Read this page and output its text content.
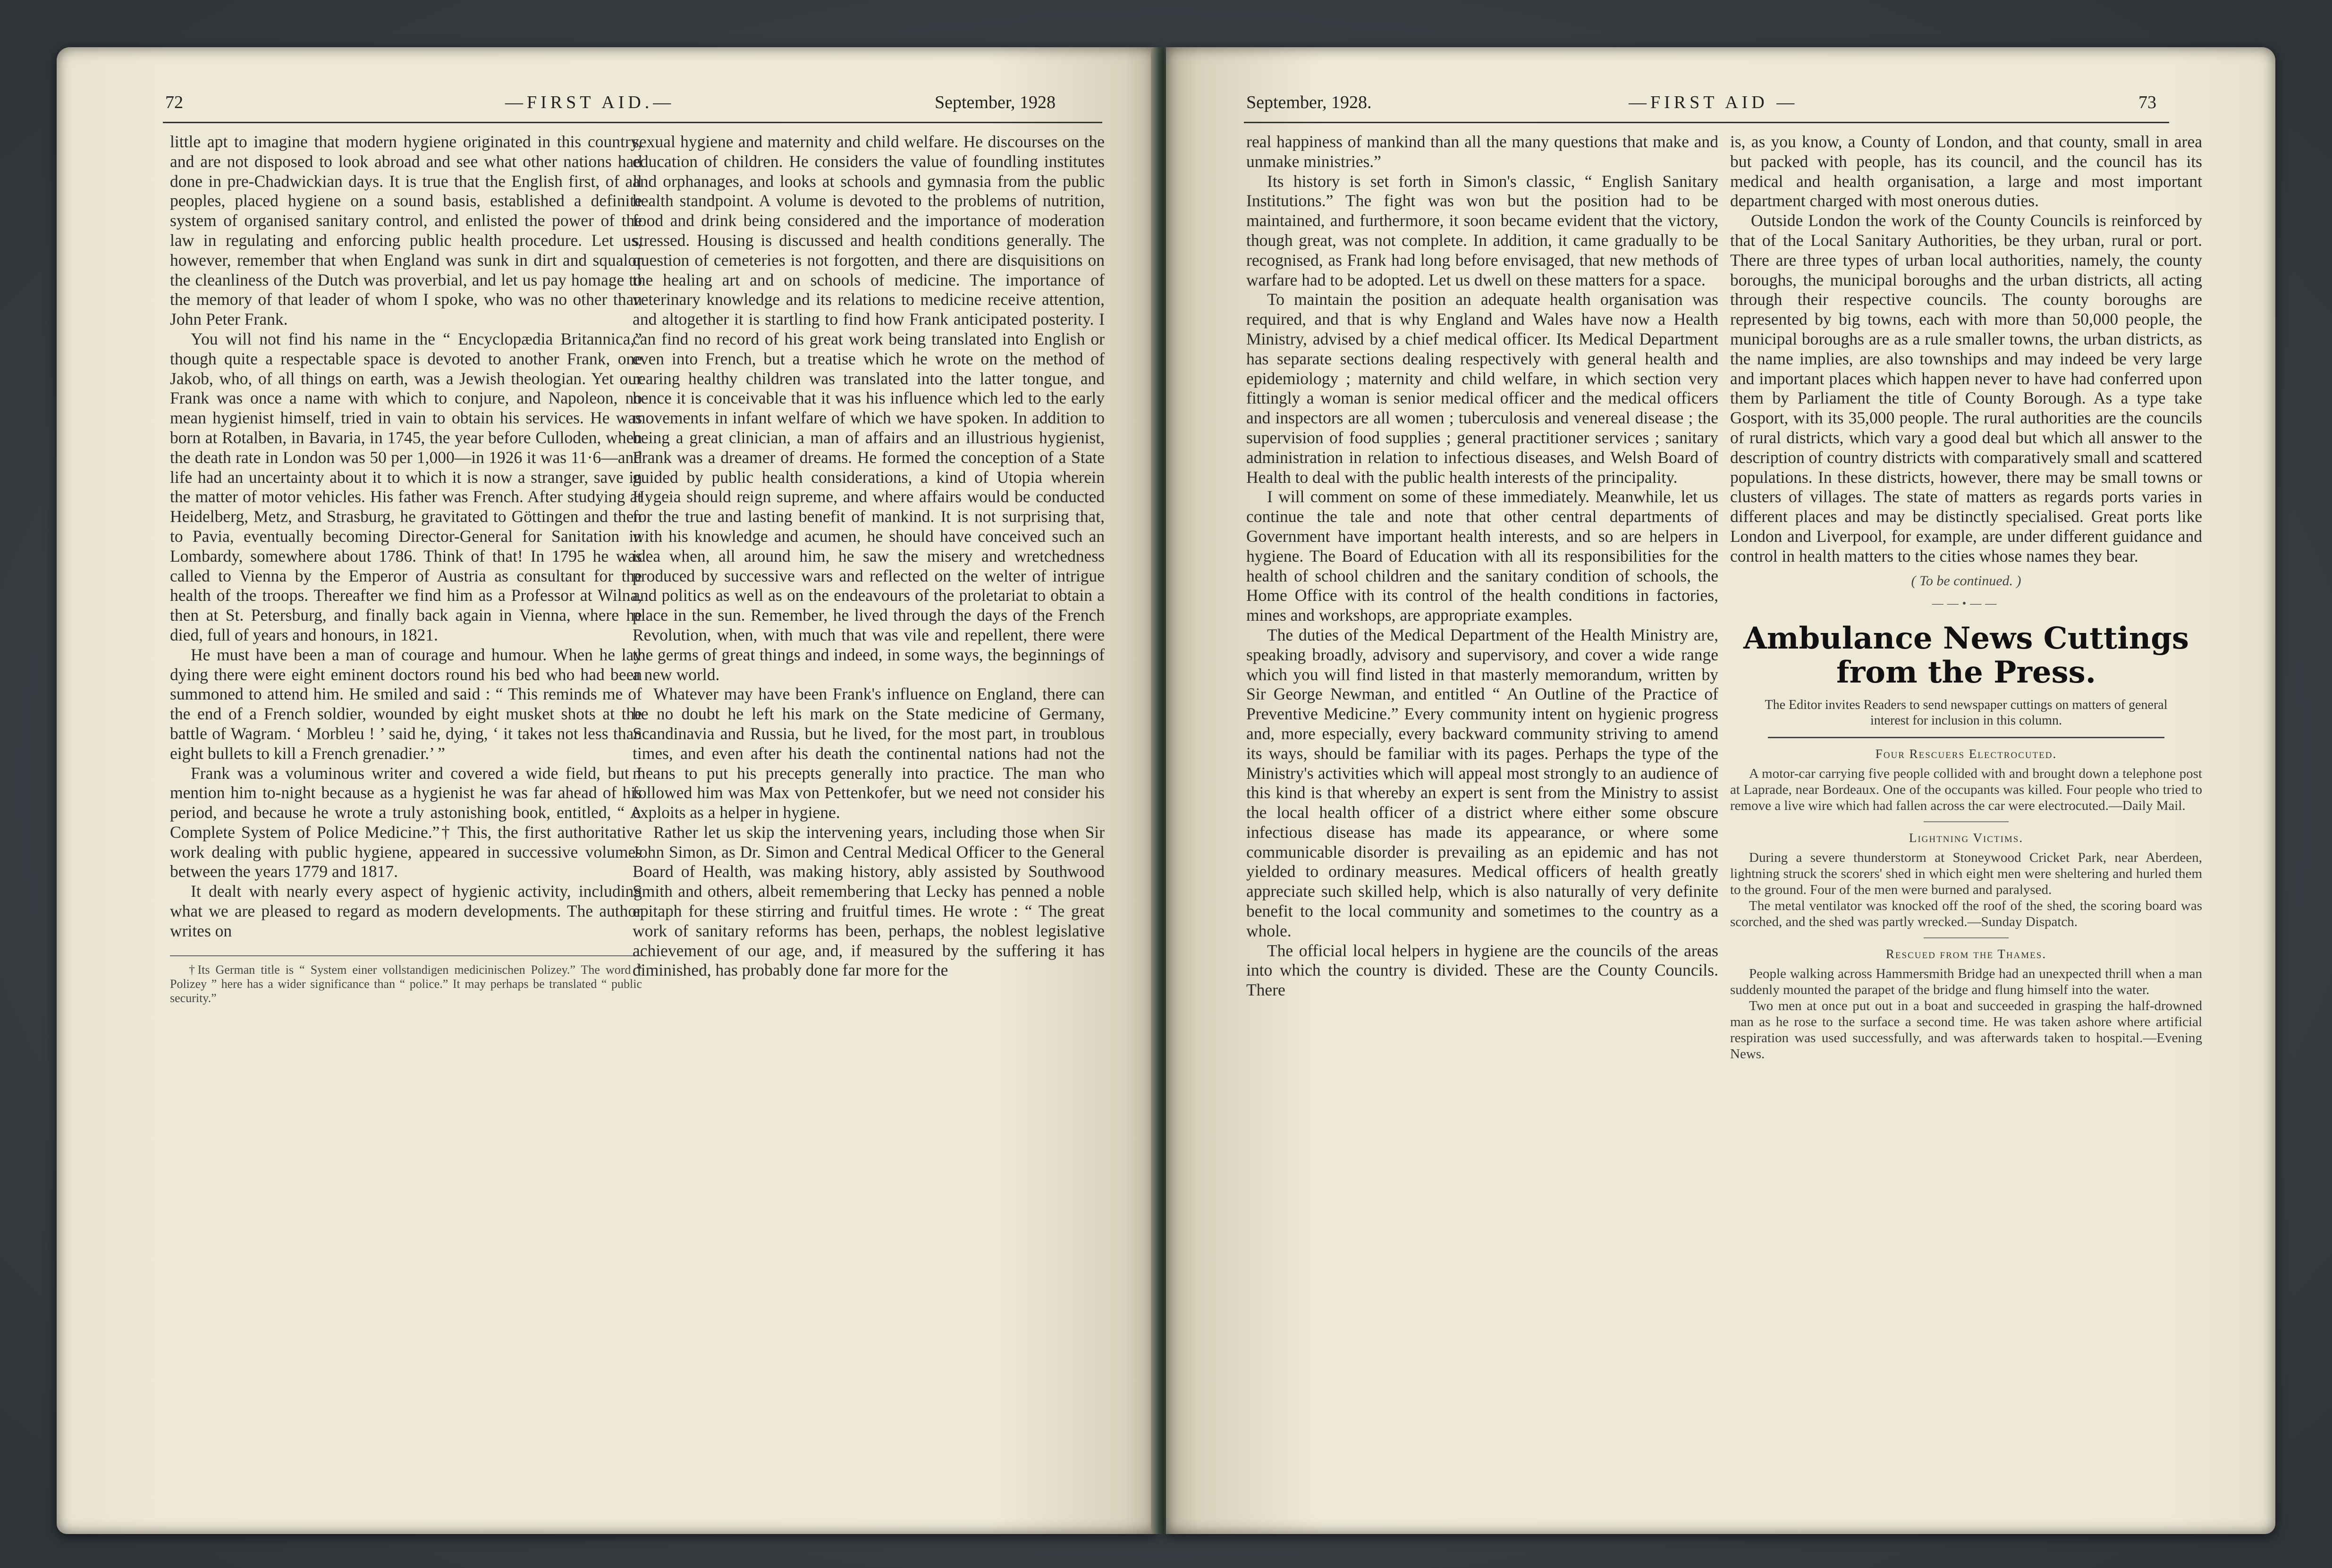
72	—FIRST AID.—	September, 1928

little apt to imagine that modern hygiene originated in this country, and are not disposed to look abroad and see what other nations had done in pre-Chadwickian days. It is true that the English first, of all peoples, placed hygiene on a sound basis, established a definite system of organised sanitary control, and enlisted the power of the law in regulating and enforcing public health procedure. Let us, however, remember that when England was sunk in dirt and squalor the cleanliness of the Dutch was proverbial, and let us pay homage to the memory of that leader of whom I spoke, who was no other than John Peter Frank.

You will not find his name in the “ Encyclopædia Britannica,” though quite a respectable space is devoted to another Frank, one Jakob, who, of all things on earth, was a Jewish theologian. Yet our Frank was once a name with which to conjure, and Napoleon, no mean hygienist himself, tried in vain to obtain his services. He was born at Rotalben, in Bavaria, in 1745, the year before Culloden, when the death rate in London was 50 per 1,000—in 1926 it was 11·6—and life had an uncertainty about it to which it is now a stranger, save in the matter of motor vehicles. His father was French. After studying at Heidelberg, Metz, and Strasburg, he gravitated to Göttingen and then to Pavia, eventually becoming Director-General for Sanitation in Lombardy, somewhere about 1786. Think of that! In 1795 he was called to Vienna by the Emperor of Austria as consultant for the health of the troops. Thereafter we find him as a Professor at Wilna, then at St. Petersburg, and finally back again in Vienna, where he died, full of years and honours, in 1821.

He must have been a man of courage and humour. When he lay dying there were eight eminent doctors round his bed who had been summoned to attend him. He smiled and said : “ This reminds me of the end of a French soldier, wounded by eight musket shots at the battle of Wagram. ‘ Morbleu ! ’ said he, dying, ‘ it takes not less than eight bullets to kill a French grenadier.’ ”

Frank was a voluminous writer and covered a wide field, but I mention him to-night because as a hygienist he was far ahead of his period, and because he wrote a truly astonishing book, entitled, “ A Complete System of Police Medicine.”† This, the first authoritative work dealing with public hygiene, appeared in successive volumes between the years 1779 and 1817.

It dealt with nearly every aspect of hygienic activity, including what we are pleased to regard as modern developments. The author writes on

†Its German title is “ System einer vollstandigen medicinischen Polizey.” The word “ Polizey ” here has a wider significance than “ police.” It may perhaps be translated “ public security.”

sexual hygiene and maternity and child welfare. He discourses on the education of children. He considers the value of foundling institutes and orphanages, and looks at schools and gymnasia from the public health standpoint. A volume is devoted to the problems of nutrition, food and drink being considered and the importance of moderation stressed. Housing is discussed and health conditions generally. The question of cemeteries is not forgotten, and there are disquisitions on the healing art and on schools of medicine. The importance of veterinary knowledge and its relations to medicine receive attention, and altogether it is startling to find how Frank anticipated posterity. I can find no record of his great work being translated into English or even into French, but a treatise which he wrote on the method of rearing healthy children was translated into the latter tongue, and hence it is conceivable that it was his influence which led to the early movements in infant welfare of which we have spoken. In addition to being a great clinician, a man of affairs and an illustrious hygienist, Frank was a dreamer of dreams. He formed the conception of a State guided by public health considerations, a kind of Utopia wherein Hygeia should reign supreme, and where affairs would be conducted for the true and lasting benefit of mankind. It is not surprising that, with his knowledge and acumen, he should have conceived such an idea when, all around him, he saw the misery and wretchedness produced by successive wars and reflected on the welter of intrigue and politics as well as on the endeavours of the proletariat to obtain a place in the sun. Remember, he lived through the days of the French Revolution, when, with much that was vile and repellent, there were the germs of great things and indeed, in some ways, the beginnings of a new world.

Whatever may have been Frank's influence on England, there can be no doubt he left his mark on the State medicine of Germany, Scandinavia and Russia, but he lived, for the most part, in troublous times, and even after his death the continental nations had not the means to put his precepts generally into practice. The man who followed him was Max von Pettenkofer, but we need not consider his exploits as a helper in hygiene.

Rather let us skip the intervening years, including those when Sir John Simon, as Dr. Simon and Central Medical Officer to the General Board of Health, was making history, ably assisted by Southwood Smith and others, albeit remembering that Lecky has penned a noble epitaph for these stirring and fruitful times. He wrote : “ The great work of sanitary reforms has been, perhaps, the noblest legislative achievement of our age, and, if measured by the suffering it has diminished, has probably done far more for the

September, 1928.	—FIRST AID —	73

real happiness of mankind than all the many questions that make and unmake ministries.”

Its history is set forth in Simon's classic, “ English Sanitary Institutions.” The fight was won but the position had to be maintained, and furthermore, it soon became evident that the victory, though great, was not complete. In addition, it came gradually to be recognised, as Frank had long before envisaged, that new methods of warfare had to be adopted. Let us dwell on these matters for a space.

To maintain the position an adequate health organisation was required, and that is why England and Wales have now a Health Ministry, advised by a chief medical officer. Its Medical Department has separate sections dealing respectively with general health and epidemiology ; maternity and child welfare, in which section very fittingly a woman is senior medical officer and the medical officers and inspectors are all women ; tuberculosis and venereal disease ; the supervision of food supplies ; general practitioner services ; sanitary administration in relation to infectious diseases, and Welsh Board of Health to deal with the public health interests of the principality.

I will comment on some of these immediately. Meanwhile, let us continue the tale and note that other central departments of Government have important health interests, and so are helpers in hygiene. The Board of Education with all its responsibilities for the health of school children and the sanitary condition of schools, the Home Office with its control of the health conditions in factories, mines and workshops, are appropriate examples.

The duties of the Medical Department of the Health Ministry are, speaking broadly, advisory and supervisory, and cover a wide range which you will find listed in that masterly memorandum, written by Sir George Newman, and entitled “ An Outline of the Practice of Preventive Medicine.” Every community intent on hygienic progress and, more especially, every backward community striving to amend its ways, should be familiar with its pages. Perhaps the type of the Ministry's activities which will appeal most strongly to an audience of this kind is that whereby an expert is sent from the Ministry to assist the local health officer of a district where either some obscure infectious disease has made its appearance, or where some communicable disorder is prevailing as an epidemic and has not yielded to ordinary measures. Medical officers of health greatly appreciate such skilled help, which is also naturally of very definite benefit to the local community and sometimes to the country as a whole.

The official local helpers in hygiene are the councils of the areas into which the country is divided. These are the County Councils. There

is, as you know, a County of London, and that county, small in area but packed with people, has its council, and the council has its medical and health organisation, a large and most important department charged with most onerous duties.

Outside London the work of the County Councils is reinforced by that of the Local Sanitary Authorities, be they urban, rural or port. There are three types of urban local authorities, namely, the county boroughs, the municipal boroughs and the urban districts, all acting through their respective councils. The county boroughs are represented by big towns, each with more than 50,000 people, the municipal boroughs are as a rule smaller towns, the urban districts, as the name implies, are also townships and may indeed be very large and important places which happen never to have had conferred upon them by Parliament the title of County Borough. As a type take Gosport, with its 35,000 people. The rural authorities are the councils of rural districts, which vary a good deal but which all answer to the description of country districts with comparatively small and scattered populations. In these districts, however, there may be small towns or clusters of villages. The state of matters as regards ports varies in different places and may be distinctly specialised. Great ports like London and Liverpool, for example, are under different guidance and control in health matters to the cities whose names they bear.

( To be continued. )
——•——
Ambulance News Cuttings from the Press.
The Editor invites Readers to send newspaper cuttings on matters of general interest for inclusion in this column.
Four Rescuers Electrocuted.

A motor-car carrying five people collided with and brought down a telephone post at Laprade, near Bordeaux. One of the occupants was killed. Four people who tried to remove a live wire which had fallen across the car were electrocuted.—Daily Mail.

Lightning Victims.

During a severe thunderstorm at Stoneywood Cricket Park, near Aberdeen, lightning struck the scorers' shed in which eight men were sheltering and hurled them to the ground. Four of the men were burned and paralysed.

The metal ventilator was knocked off the roof of the shed, the scoring board was scorched, and the shed was partly wrecked.—Sunday Dispatch.

Rescued from the Thames.

People walking across Hammersmith Bridge had an unexpected thrill when a man suddenly mounted the parapet of the bridge and flung himself into the water.

Two men at once put out in a boat and succeeded in grasping the half-drowned man as he rose to the surface a second time. He was taken ashore where artificial respiration was used successfully, and was afterwards taken to hospital.—Evening News.
